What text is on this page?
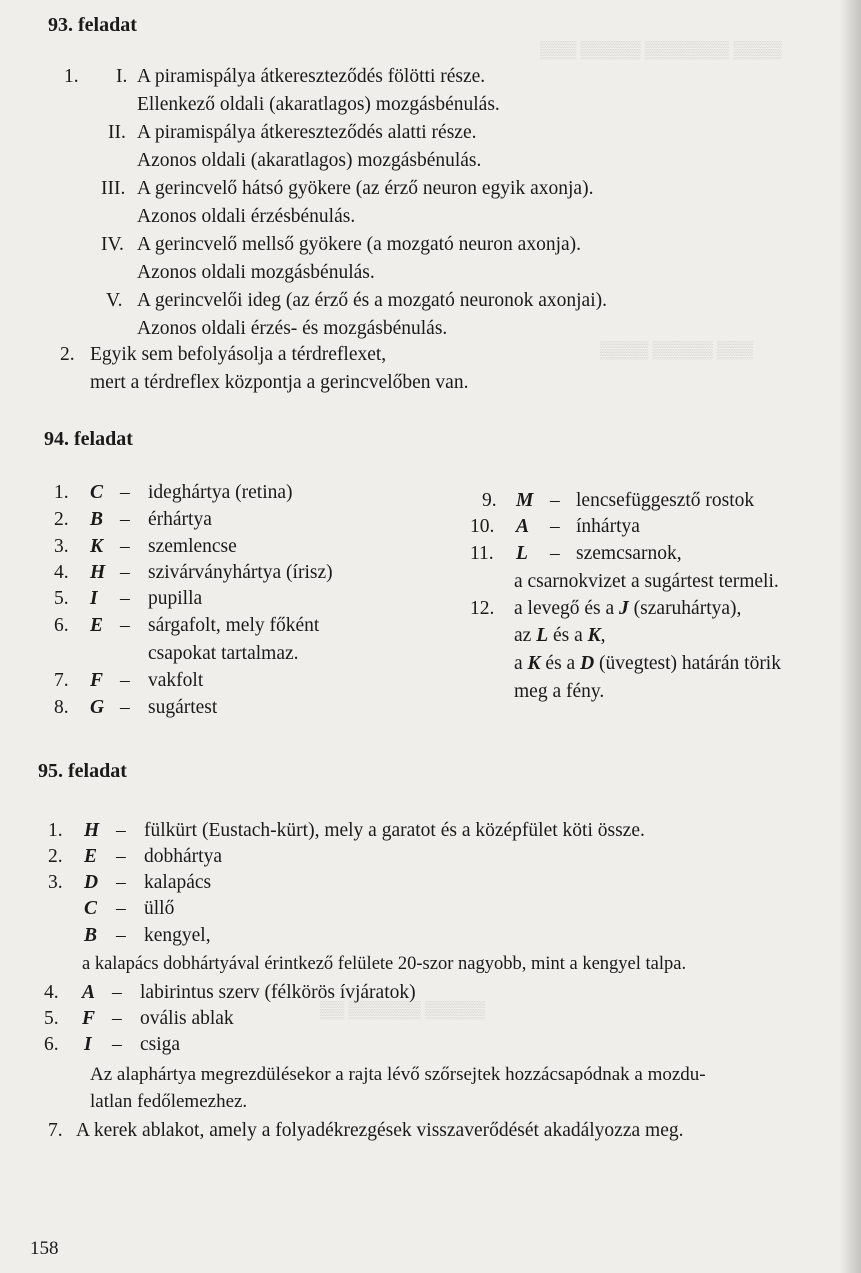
▒▒▒ ▒▒▒▒▒ ▒▒▒▒▒▒▒ ▒▒▒▒
▒▒▒▒ ▒▒▒▒▒ ▒▒▒
▒▒ ▒▒▒▒▒▒ ▒▒▒▒▒
93. feladat
1. I. A piramispálya átkereszteződés fölötti része.
Ellenkező oldali (akaratlagos) mozgásbénulás.
II. A piramispálya átkereszteződés alatti része.
Azonos oldali (akaratlagos) mozgásbénulás.
III. A gerincvelő hátsó gyökere (az érző neuron egyik axonja).
Azonos oldali érzésbénulás.
IV. A gerincvelő mellső gyökere (a mozgató neuron axonja).
Azonos oldali mozgásbénulás.
V. A gerincvelői ideg (az érző és a mozgató neuronok axonjai).
Azonos oldali érzés- és mozgásbénulás.
2. Egyik sem befolyásolja a térdreflexet,
mert a térdreflex központja a gerincvelőben van.
94. feladat
1. C – ideghártya (retina)
2. B – érhártya
3. K – szemlencse
4. H – szivárványhártya (írisz)
5. I – pupilla
6. E – sárgafolt, mely főként
csapokat tartalmaz.
7. F – vakfolt
8. G – sugártest
9. M – lencsefüggesztő rostok
10. A – ínhártya
11. L – szemcsarnok,
a csarnokvizet a sugártest termeli.
12. a levegő és a J (szaruhártya),
az L és a K,
a K és a D (üvegtest) határán törik
meg a fény.
95. feladat
1. H – fülkürt (Eustach-kürt), mely a garatot és a középfület köti össze.
2. E – dobhártya
3. D – kalapács
C – üllő
B – kengyel,
a kalapács dobhártyával érintkező felülete 20-szor nagyobb, mint a kengyel talpa.
4. A – labirintus szerv (félkörös ívjáratok)
5. F – ovális ablak
6. I – csiga
Az alaphártya megrezdülésekor a rajta lévő szőrsejtek hozzácsapódnak a mozdu-
latlan fedőlemezhez.
7. A kerek ablakot, amely a folyadékrezgések visszaverődését akadályozza meg.
158
